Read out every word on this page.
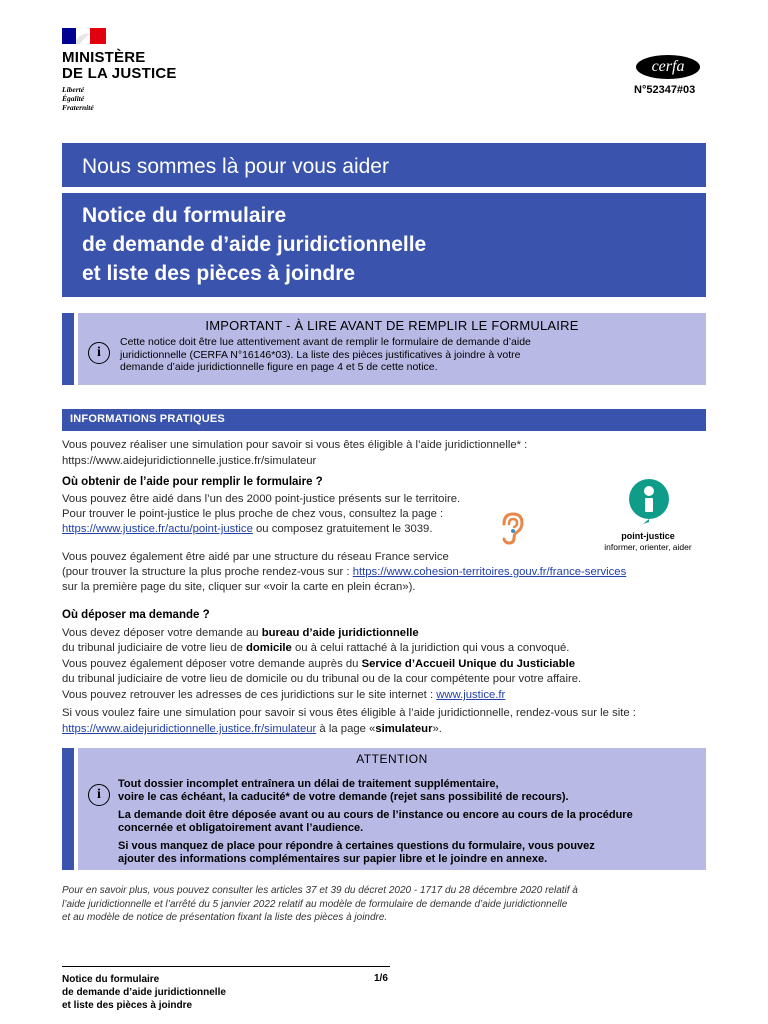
MINISTÈRE
DE LA JUSTICE
Liberté
Égalité
Fraternité
cerfa
N°52347#03
Nous sommes là pour vous aider
Notice du formulaire
de demande d’aide juridictionnelle
et liste des pièces à joindre
IMPORTANT - À LIRE AVANT DE REMPLIR LE FORMULAIRE
i
Cette notice doit être lue attentivement avant de remplir le formulaire de demande d’aide
juridictionnelle (CERFA N°16146*03). La liste des pièces justificatives à joindre à votre
demande d’aide juridictionnelle figure en page 4 et 5 de cette notice.
INFORMATIONS PRATIQUES
Vous pouvez réaliser une simulation pour savoir si vous êtes éligible à l’aide juridictionnelle* :
https://www.aidejuridictionnelle.justice.fr/simulateur
Où obtenir de l’aide pour remplir le formulaire ?
Vous pouvez être aidé dans l’un des 2000 point-justice présents sur le territoire.
Pour trouver le point-justice le plus proche de chez vous, consultez la page :
https://www.justice.fr/actu/point-justice ou composez gratuitement le 3039.
point-justice
informer, orienter, aider
Vous pouvez également être aidé par une structure du réseau France service
(pour trouver la structure la plus proche rendez-vous sur : https://www.cohesion-territoires.gouv.fr/france-services
sur la première page du site, cliquer sur «voir la carte en plein écran»).
Où déposer ma demande ?
Vous devez déposer votre demande au bureau d’aide juridictionnelle
du tribunal judiciaire de votre lieu de domicile ou à celui rattaché à la juridiction qui vous a convoqué.
Vous pouvez également déposer votre demande auprès du Service d’Accueil Unique du Justiciable
du tribunal judiciaire de votre lieu de domicile ou du tribunal ou de la cour compétente pour votre affaire.
Vous pouvez retrouver les adresses de ces juridictions sur le site internet : www.justice.fr
Si vous voulez faire une simulation pour savoir si vous êtes éligible à l’aide juridictionnelle, rendez-vous sur le site :
https://www.aidejuridictionnelle.justice.fr/simulateur à la page «simulateur».
ATTENTION
i
Tout dossier incomplet entraînera un délai de traitement supplémentaire,
voire le cas échéant, la caducité* de votre demande (rejet sans possibilité de recours).
La demande doit être déposée avant ou au cours de l’instance ou encore au cours de la procédure
concernée et obligatoirement avant l’audience.
Si vous manquez de place pour répondre à certaines questions du formulaire, vous pouvez
ajouter des informations complémentaires sur papier libre et le joindre en annexe.
Pour en savoir plus, vous pouvez consulter les articles 37 et 39 du décret 2020 - 1717 du 28 décembre 2020 relatif à
l’aide juridictionnelle et l’arrêté du 5 janvier 2022 relatif au modèle de formulaire de demande d’aide juridictionnelle
et au modèle de notice de présentation fixant la liste des pièces à joindre.
Notice du formulaire
de demande d’aide juridictionnelle
et liste des pièces à joindre
1/6
